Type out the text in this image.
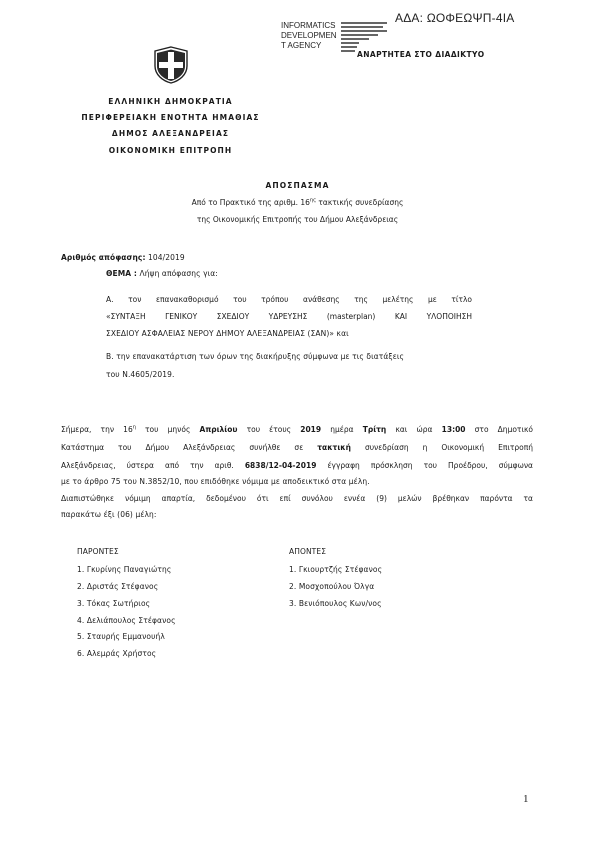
ΑΔΑ: ΩΟΦΕΩΨΠ-4ΙΑ
INFORMATICS
DEVELOPMEN
T AGENCY
ΑΝΑΡΤΗΤΕΑ ΣΤΟ ΔΙΑΔΙΚΤΥΟ
ΕΛΛΗΝΙΚΗ ΔΗΜΟΚΡΑΤΙΑ
ΠΕΡΙΦΕΡΕΙΑΚΗ ΕΝΟΤΗΤΑ ΗΜΑΘΙΑΣ
ΔΗΜΟΣ ΑΛΕΞΑΝΔΡΕΙΑΣ
ΟΙΚΟΝΟΜΙΚΗ ΕΠΙΤΡΟΠΗ
ΑΠΟΣΠΑΣΜΑ
Από το Πρακτικό της αριθμ. $16^{\eta\varsigma}$ τακτικής συνεδρίασης
της Οικονομικής Επιτροπής του Δήμου Αλεξάνδρειας
Αριθμός απόφασης: 104/2019
ΘΕΜΑ : Λήψη απόφασης για:
Α. τον επανακαθορισμό του τρόπου ανάθεσης της μελέτης με τίτλο
«ΣΥΝΤΑΞΗ ΓΕΝΙΚΟΥ ΣΧΕΔΙΟΥ ΥΔΡΕΥΣΗΣ (masterplan) ΚΑΙ ΥΛΟΠΟΙΗΣΗ
ΣΧΕΔΙΟΥ ΑΣΦΑΛΕΙΑΣ ΝΕΡΟΥ ΔΗΜΟΥ ΑΛΕΞΑΝΔΡΕΙΑΣ (ΣΑΝ)» και
Β. την επανακατάρτιση των όρων της διακήρυξης σύμφωνα με τις διατάξεις
του Ν.4605/2019.
Σήμερα, την $16^\eta$ του μηνός Απριλίου του έτους 2019 ημέρα Τρίτη και ώρα 13:00 στο Δημοτικό
Κατάστημα του Δήμου Αλεξάνδρειας συνήλθε σε τακτική συνεδρίαση η Οικονομική Επιτροπή
Αλεξάνδρειας, ύστερα από την αριθ. 6838/12-04-2019 έγγραφη πρόσκληση του Προέδρου, σύμφωνα
με το άρθρο 75 του Ν.3852/10, που επιδόθηκε νόμιμα με αποδεικτικό στα μέλη.
Διαπιστώθηκε νόμιμη απαρτία, δεδομένου ότι επί συνόλου εννέα (9) μελών βρέθηκαν παρόντα τα
παρακάτω έξι (06) μέλη:
ΠΑΡΟΝΤΕΣ
1. Γκυρίνης Παναγιώτης
2. Δριστάς Στέφανος
3. Τόκας Σωτήριος
4. Δελιάπουλος Στέφανος
5. Σταυρής Εμμανουήλ
6. Αλεμράς Χρήστος
ΑΠΟΝΤΕΣ
1. Γκιουρτζής Στέφανος
2. Μοσχοπούλου Όλγα
3. Βενιόπουλος Κων/νος
1
